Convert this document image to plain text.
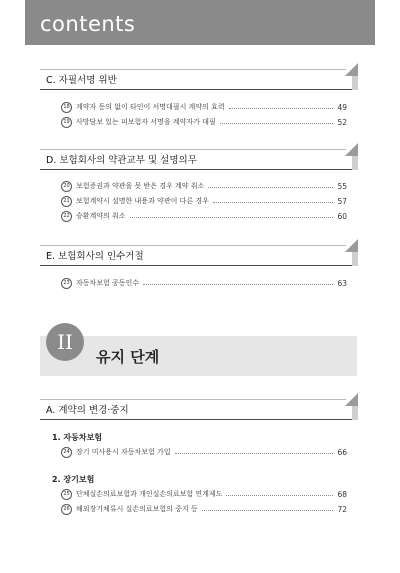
contents
C. 자필서명 위반
18 계약자 동의 없이 타인이 서명대필시 계약의 효력	49
19 사망담보 있는 피보험자 서명을 계약자가 대필	52
D. 보험회사의 약관교부 및 설명의무
20 보험증권과 약관을 못 받은 경우 계약 취소	55
21 보험계약시 설명한 내용과 약관이 다른 경우	57
22 승환계약의 취소	60
E. 보험회사의 인수거절
23 자동차보험 공동인수	63
II
유지 단계
A. 계약의 변경·중지
1. 자동차보험
24 장기 미사용시 자동차보험 가입	66
2. 장기보험
25 단체실손의료보험과 개인실손의료보험 연계제도	68
26 해외장기체류시 실손의료보험의 중지 등	72
